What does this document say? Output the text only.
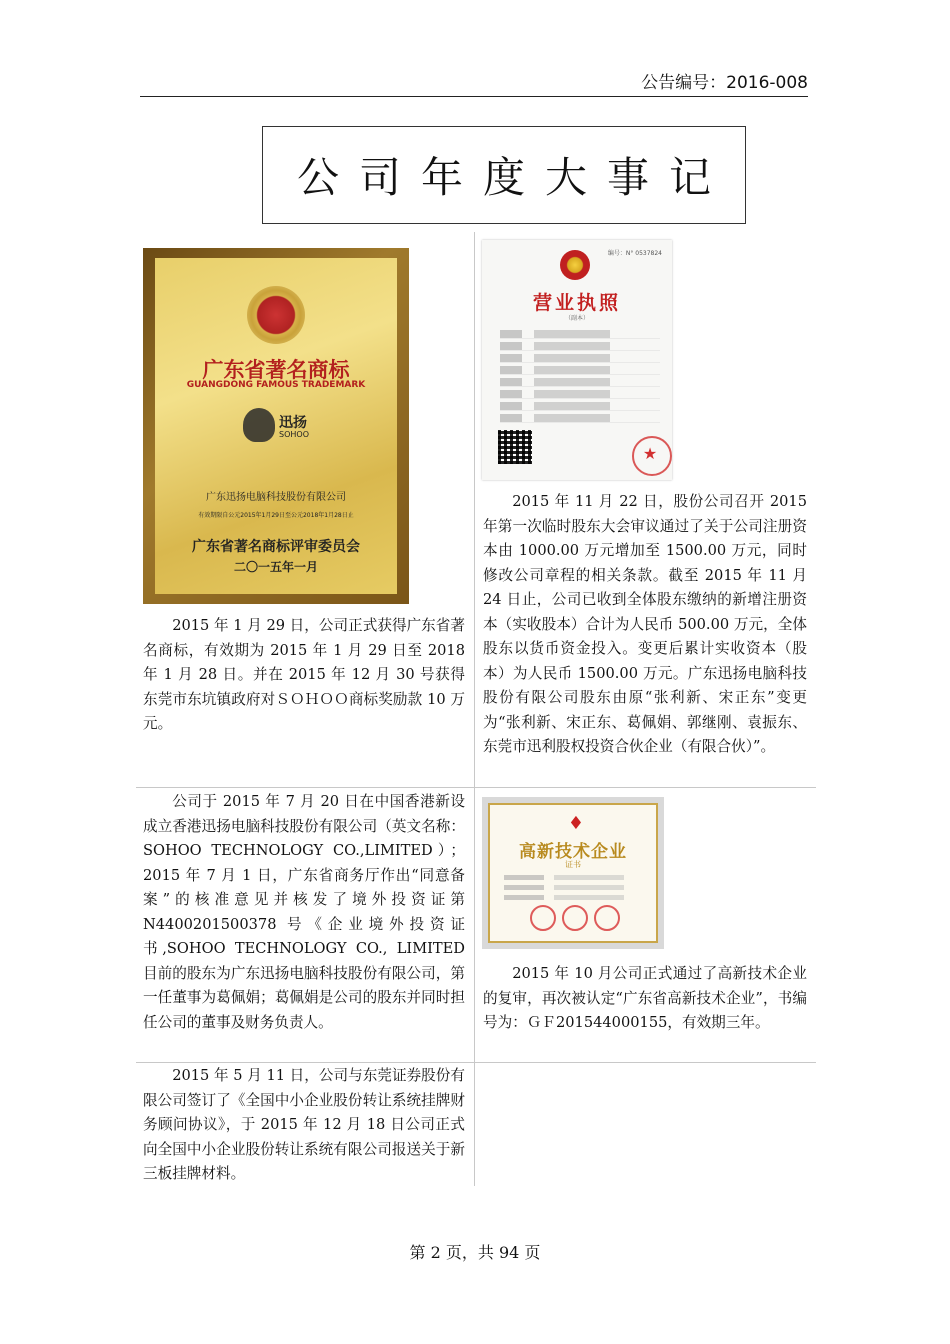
公告编号：2016-008
公司年度大事记
广东省著名商标
GUANGDONG FAMOUS TRADEMARK
迅扬
SOHOO
广东迅扬电脑科技股份有限公司
有效期限自公元2015年1月29日至公元2018年1月28日止
广东省著名商标评审委员会
二〇一五年一月

2015 年 1 月 29 日，公司正式获得广东省著名商标，有效期为 2015 年 1 月 29 日至 2018 年 1 月 28 日。并在 2015 年 12 月 30 号获得东莞市东坑镇政府对ＳＯＨＯＯ商标奖励款 10 万元。

编号：N° 0537824
营业执照
（副本）
★

2015 年 11 月 22 日，股份公司召开 2015 年第一次临时股东大会审议通过了关于公司注册资本由 1000.00 万元增加至 1500.00 万元，同时修改公司章程的相关条款。截至 2015 年 11 月 24 日止，公司已收到全体股东缴纳的新增注册资本（实收股本）合计为人民币 500.00 万元，全体股东以货币资金投入。变更后累计实收资本（股本）为人民币 1500.00 万元。广东迅扬电脑科技股份有限公司股东由原“张利新、宋正东”变更为“张利新、宋正东、葛佩娟、郭继刚、袁振东、东莞市迅利股权投资合伙企业（有限合伙）”。

公司于 2015 年 7 月 20 日在中国香港新设成立香港迅扬电脑科技股份有限公司（英文名称：SOHOO TECHNOLOGY CO.,LIMITED）；2015 年 7 月 1 日，广东省商务厅作出“同意备案”的核准意见并核发了境外投资证第 N4400201500378 号《企业境外投资证书,SOHOO TECHNOLOGY CO., LIMITED 目前的股东为广东迅扬电脑科技股份有限公司，第一任董事为葛佩娟；葛佩娟是公司的股东并同时担任公司的董事及财务负责人。

♦
高新技术企业
证书

2015 年 10 月公司正式通过了高新技术企业的复审，再次被认定“广东省高新技术企业”，书编号为：ＧＦ201544000155，有效期三年。

2015 年 5 月 11 日，公司与东莞证券股份有限公司签订了《全国中小企业股份转让系统挂牌财务顾问协议》，于 2015 年 12 月 18 日公司正式向全国中小企业股份转让系统有限公司报送关于新三板挂牌材料。

第 2 页，共 94 页
